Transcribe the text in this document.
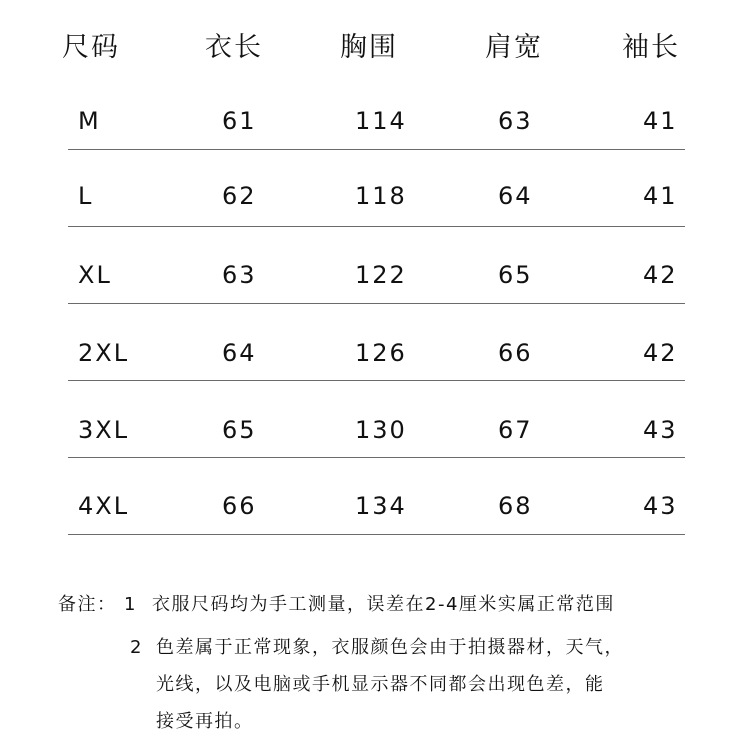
尺码	衣长	胸围	肩宽	袖长
M	61	114	63	41
L	62	118	64	41
XL	63	122	65	42
2XL	64	126	66	42
3XL	65	130	67	43
4XL	66	134	68	43
备注： 1 衣服尺码均为手工测量，误差在2-4厘米实属正常范围
2 色差属于正常现象，衣服颜色会由于拍摄器材，天气，
光线，以及电脑或手机显示器不同都会出现色差，能
接受再拍。
